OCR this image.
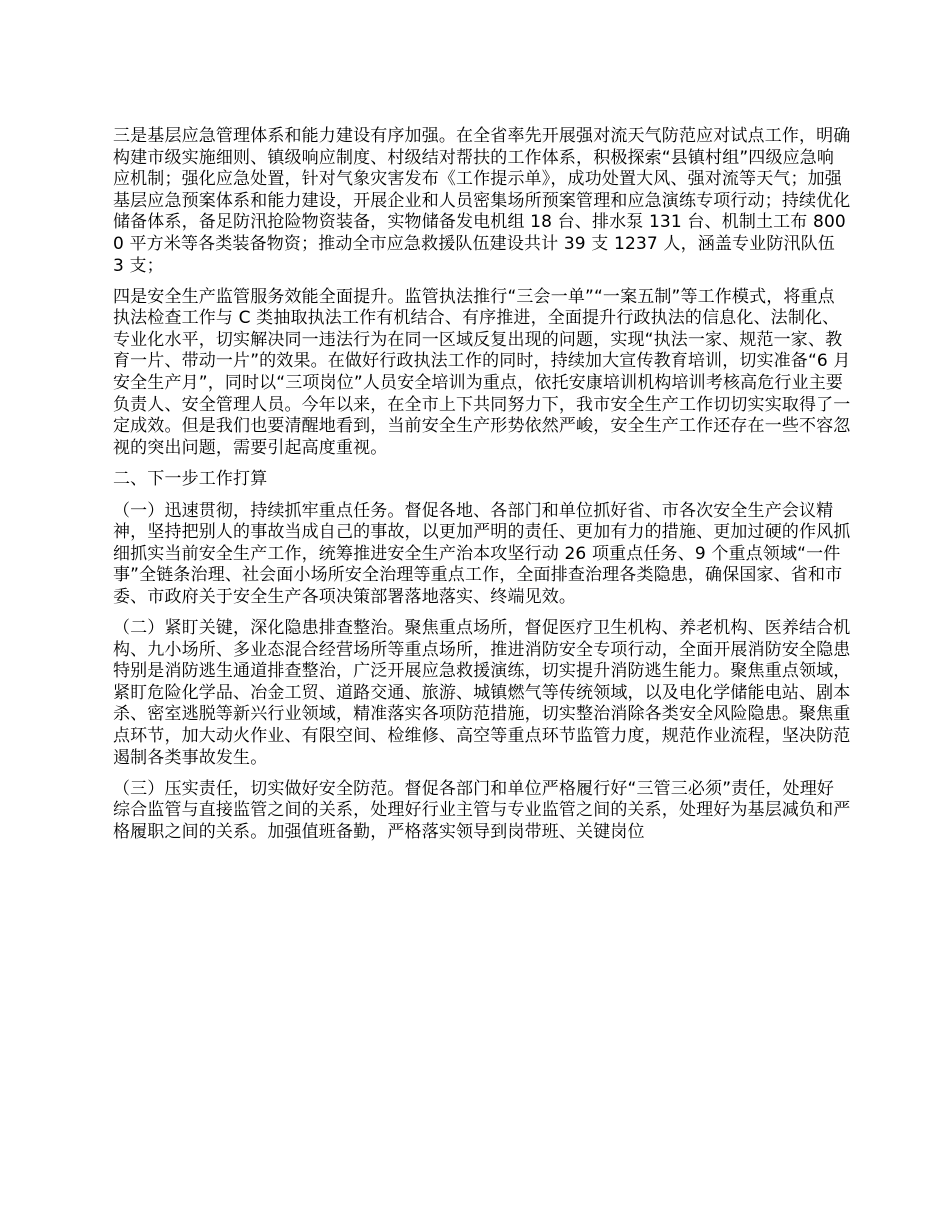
三是基层应急管理体系和能力建设有序加强。在全省率先开展强对流天气防范应对试点工作，明确构建市级实施细则、镇级响应制度、村级结对帮扶的工作体系，积极探索“县镇村组”四级应急响应机制；强化应急处置，针对气象灾害发布《工作提示单》，成功处置大风、强对流等天气；加强基层应急预案体系和能力建设，开展企业和人员密集场所预案管理和应急演练专项行动；持续优化储备体系，备足防汛抢险物资装备，实物储备发电机组 18 台、排水泵 131 台、机制土工布 8000 平方米等各类装备物资；推动全市应急救援队伍建设共计 39 支 1237 人，涵盖专业防汛队伍 3 支；

四是安全生产监管服务效能全面提升。监管执法推行“三会一单”“一案五制”等工作模式，将重点执法检查工作与 C 类抽取执法工作有机结合、有序推进，全面提升行政执法的信息化、法制化、专业化水平，切实解决同一违法行为在同一区域反复出现的问题，实现“执法一家、规范一家、教育一片、带动一片”的效果。在做好行政执法工作的同时，持续加大宣传教育培训，切实准备“6 月安全生产月”，同时以“三项岗位”人员安全培训为重点，依托安康培训机构培训考核高危行业主要负责人、安全管理人员。今年以来，在全市上下共同努力下，我市安全生产工作切切实实取得了一定成效。但是我们也要清醒地看到，当前安全生产形势依然严峻，安全生产工作还存在一些不容忽视的突出问题，需要引起高度重视。

二、下一步工作打算

（一）迅速贯彻，持续抓牢重点任务。督促各地、各部门和单位抓好省、市各次安全生产会议精神，坚持把别人的事故当成自己的事故，以更加严明的责任、更加有力的措施、更加过硬的作风抓细抓实当前安全生产工作，统筹推进安全生产治本攻坚行动 26 项重点任务、9 个重点领域“一件事”全链条治理、社会面小场所安全治理等重点工作，全面排查治理各类隐患，确保国家、省和市委、市政府关于安全生产各项决策部署落地落实、终端见效。

（二）紧盯关键，深化隐患排查整治。聚焦重点场所，督促医疗卫生机构、养老机构、医养结合机构、九小场所、多业态混合经营场所等重点场所，推进消防安全专项行动，全面开展消防安全隐患特别是消防逃生通道排查整治，广泛开展应急救援演练，切实提升消防逃生能力。聚焦重点领域，紧盯危险化学品、冶金工贸、道路交通、旅游、城镇燃气等传统领域，以及电化学储能电站、剧本杀、密室逃脱等新兴行业领域，精准落实各项防范措施，切实整治消除各类安全风险隐患。聚焦重点环节，加大动火作业、有限空间、检维修、高空等重点环节监管力度，规范作业流程，坚决防范遏制各类事故发生。

（三）压实责任，切实做好安全防范。督促各部门和单位严格履行好“三管三必须”责任，处理好综合监管与直接监管之间的关系，处理好行业主管与专业监管之间的关系，处理好为基层减负和严格履职之间的关系。加强值班备勤，严格落实领导到岗带班、关键岗位
